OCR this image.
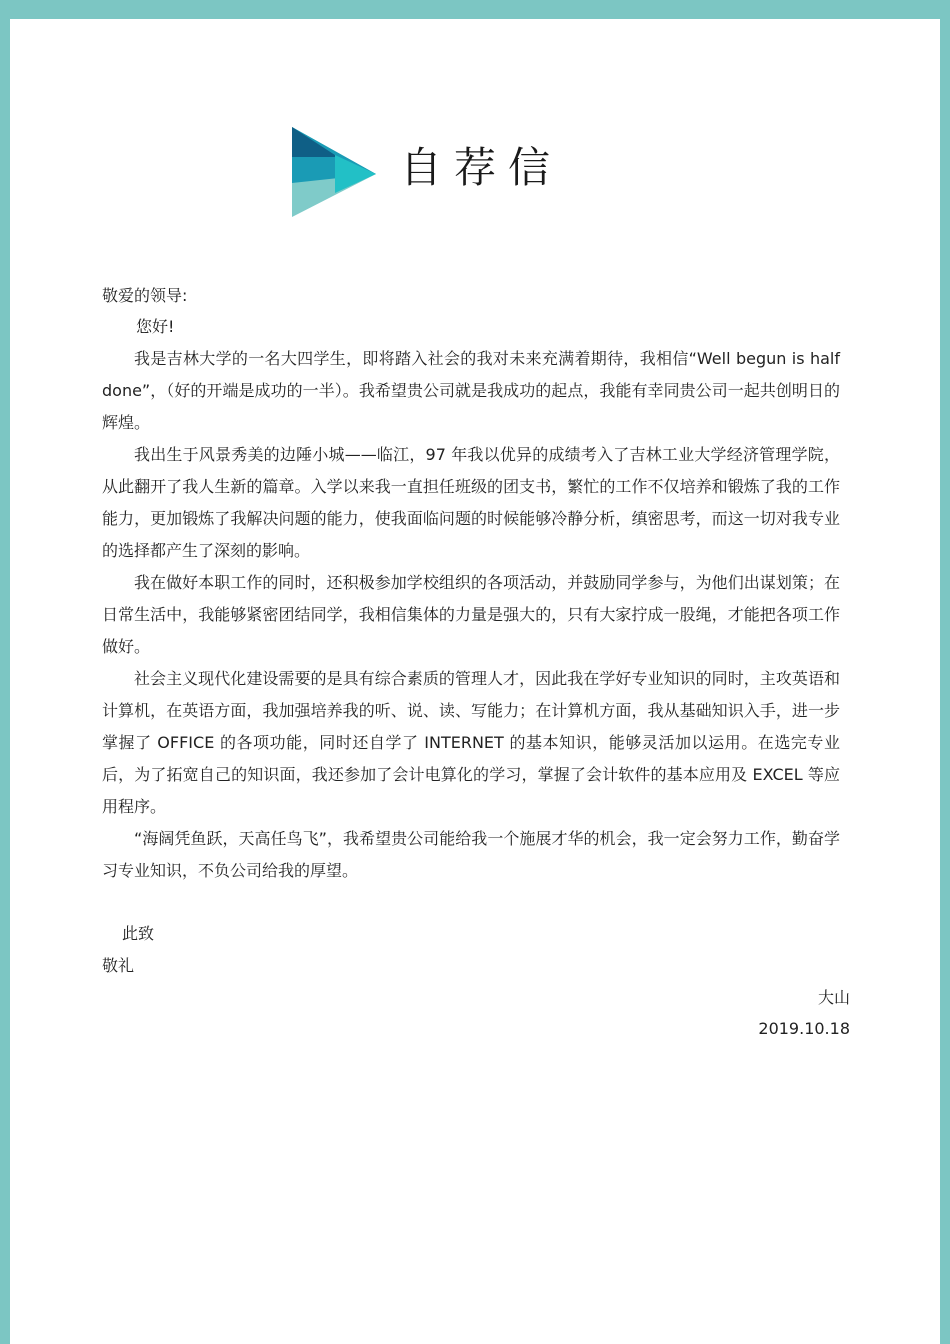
自荐信
敬爱的领导:
您好!

我是吉林大学的一名大四学生，即将踏入社会的我对未来充满着期待，我相信“Well begun is half done”，（好的开端是成功的一半）。我希望贵公司就是我成功的起点，我能有幸同贵公司一起共创明日的辉煌。

我出生于风景秀美的边陲小城——临江，97 年我以优异的成绩考入了吉林工业大学经济管理学院，从此翻开了我人生新的篇章。入学以来我一直担任班级的团支书，繁忙的工作不仅培养和锻炼了我的工作能力，更加锻炼了我解决问题的能力，使我面临问题的时候能够冷静分析，缜密思考，而这一切对我专业的选择都产生了深刻的影响。

我在做好本职工作的同时，还积极参加学校组织的各项活动，并鼓励同学参与，为他们出谋划策；在日常生活中，我能够紧密团结同学，我相信集体的力量是强大的，只有大家拧成一股绳，才能把各项工作做好。

社会主义现代化建设需要的是具有综合素质的管理人才，因此我在学好专业知识的同时，主攻英语和计算机，在英语方面，我加强培养我的听、说、读、写能力；在计算机方面，我从基础知识入手，进一步掌握了 OFFICE 的各项功能，同时还自学了 INTERNET 的基本知识，能够灵活加以运用。在选完专业后，为了拓宽自己的知识面，我还参加了会计电算化的学习，掌握了会计软件的基本应用及 EXCEL 等应用程序。

“海阔凭鱼跃，天高任鸟飞”，我希望贵公司能给我一个施展才华的机会，我一定会努力工作，勤奋学习专业知识，不负公司给我的厚望。

此致
敬礼
大山
2019.10.18
